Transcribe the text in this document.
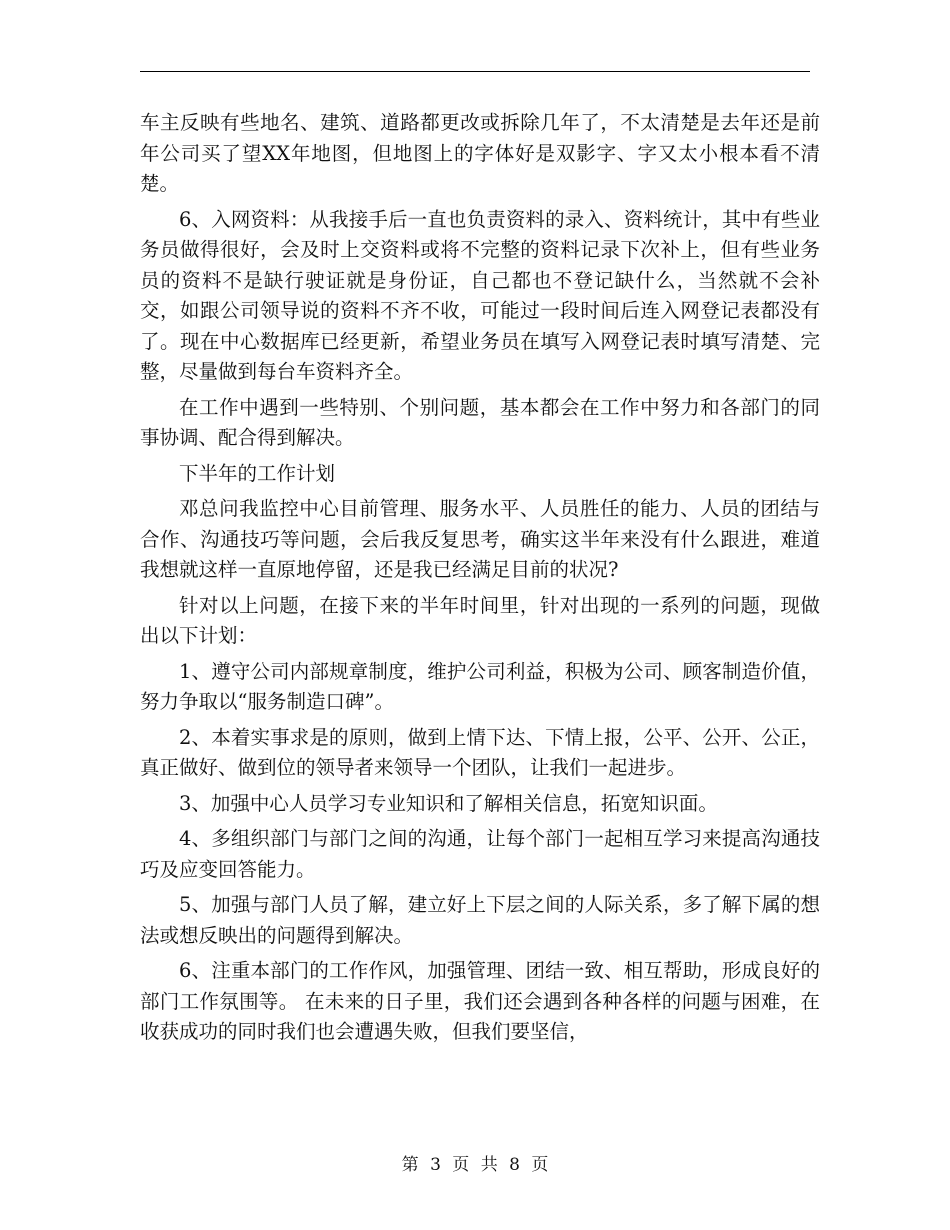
车主反映有些地名、建筑、道路都更改或拆除几年了，不太清楚是去年还是前年公司买了望XX年地图，但地图上的字体好是双影字、字又太小根本看不清楚。

6、入网资料：从我接手后一直也负责资料的录入、资料统计，其中有些业务员做得很好，会及时上交资料或将不完整的资料记录下次补上，但有些业务员的资料不是缺行驶证就是身份证，自己都也不登记缺什么，当然就不会补交，如跟公司领导说的资料不齐不收，可能过一段时间后连入网登记表都没有了。现在中心数据库已经更新，希望业务员在填写入网登记表时填写清楚、完整，尽量做到每台车资料齐全。

在工作中遇到一些特别、个别问题，基本都会在工作中努力和各部门的同事协调、配合得到解决。

下半年的工作计划

邓总问我监控中心目前管理、服务水平、人员胜任的能力、人员的团结与合作、沟通技巧等问题，会后我反复思考，确实这半年来没有什么跟进，难道我想就这样一直原地停留，还是我已经满足目前的状况?

针对以上问题，在接下来的半年时间里，针对出现的一系列的问题，现做出以下计划：

1、遵守公司内部规章制度，维护公司利益，积极为公司、顾客制造价值，努力争取以“服务制造口碑”。

2、本着实事求是的原则，做到上情下达、下情上报，公平、公开、公正，真正做好、做到位的领导者来领导一个团队，让我们一起进步。

3、加强中心人员学习专业知识和了解相关信息，拓宽知识面。

4、多组织部门与部门之间的沟通，让每个部门一起相互学习来提高沟通技巧及应变回答能力。

5、加强与部门人员了解，建立好上下层之间的人际关系，多了解下属的想法或想反映出的问题得到解决。

6、注重本部门的工作作风，加强管理、团结一致、相互帮助，形成良好的部门工作氛围等。 在未来的日子里，我们还会遇到各种各样的问题与困难，在收获成功的同时我们也会遭遇失败，但我们要坚信，

第 3 页 共 8 页
